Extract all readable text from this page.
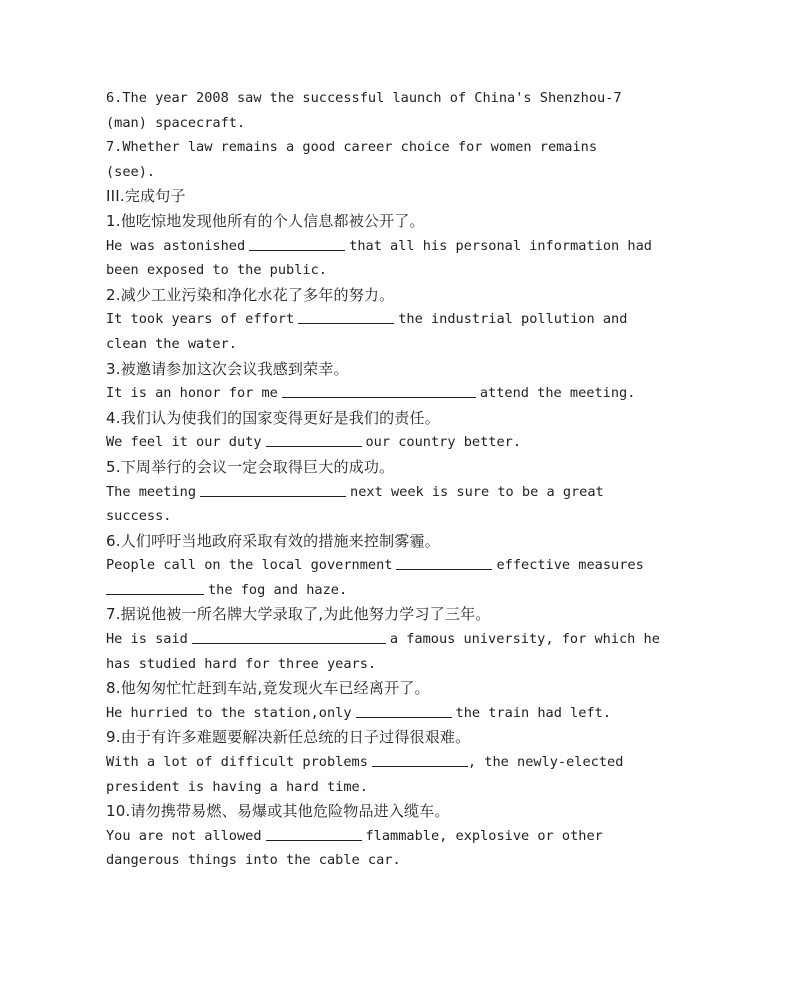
6.The year 2008 saw the successful launch of China's Shenzhou-7
(man) spacecraft.
7.Whether law remains a good career choice for women remains
(see).
III.完成句子
1.他吃惊地发现他所有的个人信息都被公开了。
He was astonished	that all his personal information had
been exposed to the public.
2.减少工业污染和净化水花了多年的努力。
It took years of effort	the industrial pollution and
clean the water.
3.被邀请参加这次会议我感到荣幸。
It is an honor for me	attend the meeting.
4.我们认为使我们的国家变得更好是我们的责任。
We feel it our duty	our country better.
5.下周举行的会议一定会取得巨大的成功。
The meeting	next week is sure to be a great
success.
6.人们呼吁当地政府采取有效的措施来控制雾霾。
People call on the local government	effective measures
the fog and haze.
7.据说他被一所名牌大学录取了,为此他努力学习了三年。
He is said	a famous university, for which he
has studied hard for three years.
8.他匆匆忙忙赶到车站,竟发现火车已经离开了。
He hurried to the station,only	the train had left.
9.由于有许多难题要解决新任总统的日子过得很艰难。
With a lot of difficult problems	, the newly-elected
president is having a hard time.
10.请勿携带易燃、易爆或其他危险物品进入缆车。
You are not allowed	flammable, explosive or other
dangerous things into the cable car.
